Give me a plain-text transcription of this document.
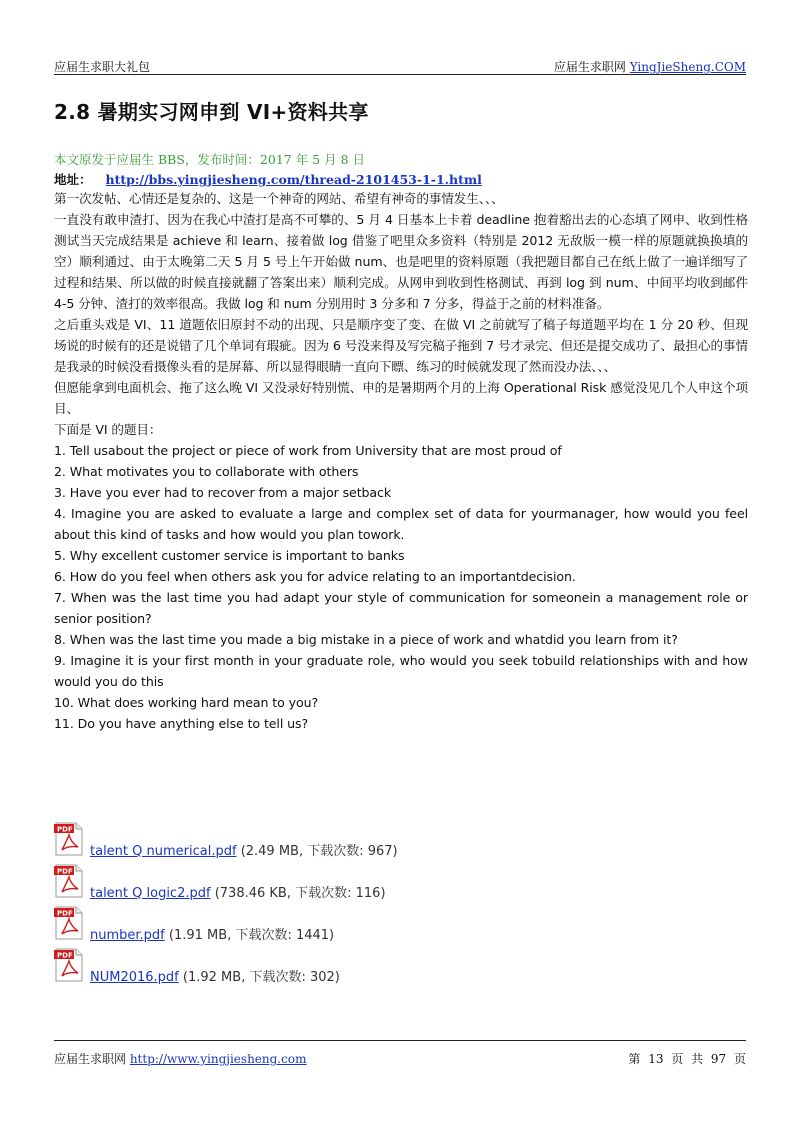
应届生求职大礼包	应届生求职网 YingJieSheng.COM
2.8 暑期实习网申到 VI+资料共享
本文原发于应届生 BBS，发布时间：2017 年 5 月 8 日
地址： http://bbs.yingjiesheng.com/thread-2101453-1-1.html

第一次发帖、心情还是复杂的、这是一个神奇的网站、希望有神奇的事情发生、、、

一直没有敢申渣打、因为在我心中渣打是高不可攀的、5 月 4 日基本上卡着 deadline 抱着豁出去的心态填了网申、收到性格测试当天完成结果是 achieve 和 learn、接着做 log 借鉴了吧里众多资料（特别是 2012 无敌版一模一样的原题就换换填的空）顺利通过、由于太晚第二天 5 月 5 号上午开始做 num、也是吧里的资料原题（我把题目都自己在纸上做了一遍详细写了过程和结果、所以做的时候直接就翻了答案出来）顺利完成。从网申到收到性格测试、再到 log 到 num、中间平均收到邮件 4-5 分钟、渣打的效率很高。我做 log 和 num 分别用时 3 分多和 7 分多，得益于之前的材料准备。

之后重头戏是 VI、11 道题依旧原封不动的出现、只是顺序变了变、在做 VI 之前就写了稿子每道题平均在 1 分 20 秒、但现场说的时候有的还是说错了几个单词有瑕疵。因为 6 号没来得及写完稿子拖到 7 号才录完、但还是提交成功了、最担心的事情是我录的时候没看摄像头看的是屏幕、所以显得眼睛一直向下瞟、练习的时候就发现了然而没办法、、、

但愿能拿到电面机会、拖了这么晚 VI 又没录好特别慌、申的是暑期两个月的上海 Operational Risk 感觉没见几个人申这个项目、

下面是 VI 的题目：

1. Tell usabout the project or piece of work from University that are most proud of

2. What motivates you to collaborate with others

3. Have you ever had to recover from a major setback

4. Imagine you are asked to evaluate a large and complex set of data for yourmanager, how would you feel about this kind of tasks and how would you plan towork.

5. Why excellent customer service is important to banks

6. How do you feel when others ask you for advice relating to an importantdecision.

7. When was the last time you had adapt your style of communication for someonein a management role or senior position?

8. When was the last time you made a big mistake in a piece of work and whatdid you learn from it?

9. Imagine it is your first month in your graduate role, who would you seek tobuild relationships with and how would you do this

10. What does working hard mean to you?

11. Do you have anything else to tell us?

PDF
talent Q numerical.pdf (2.49 MB, 下载次数: 967)
PDF
talent Q logic2.pdf (738.46 KB, 下载次数: 116)
PDF
number.pdf (1.91 MB, 下载次数: 1441)
PDF
NUM2016.pdf (1.92 MB, 下载次数: 302)
应届生求职网 http://www.yingjiesheng.com	第 13 页 共 97 页
